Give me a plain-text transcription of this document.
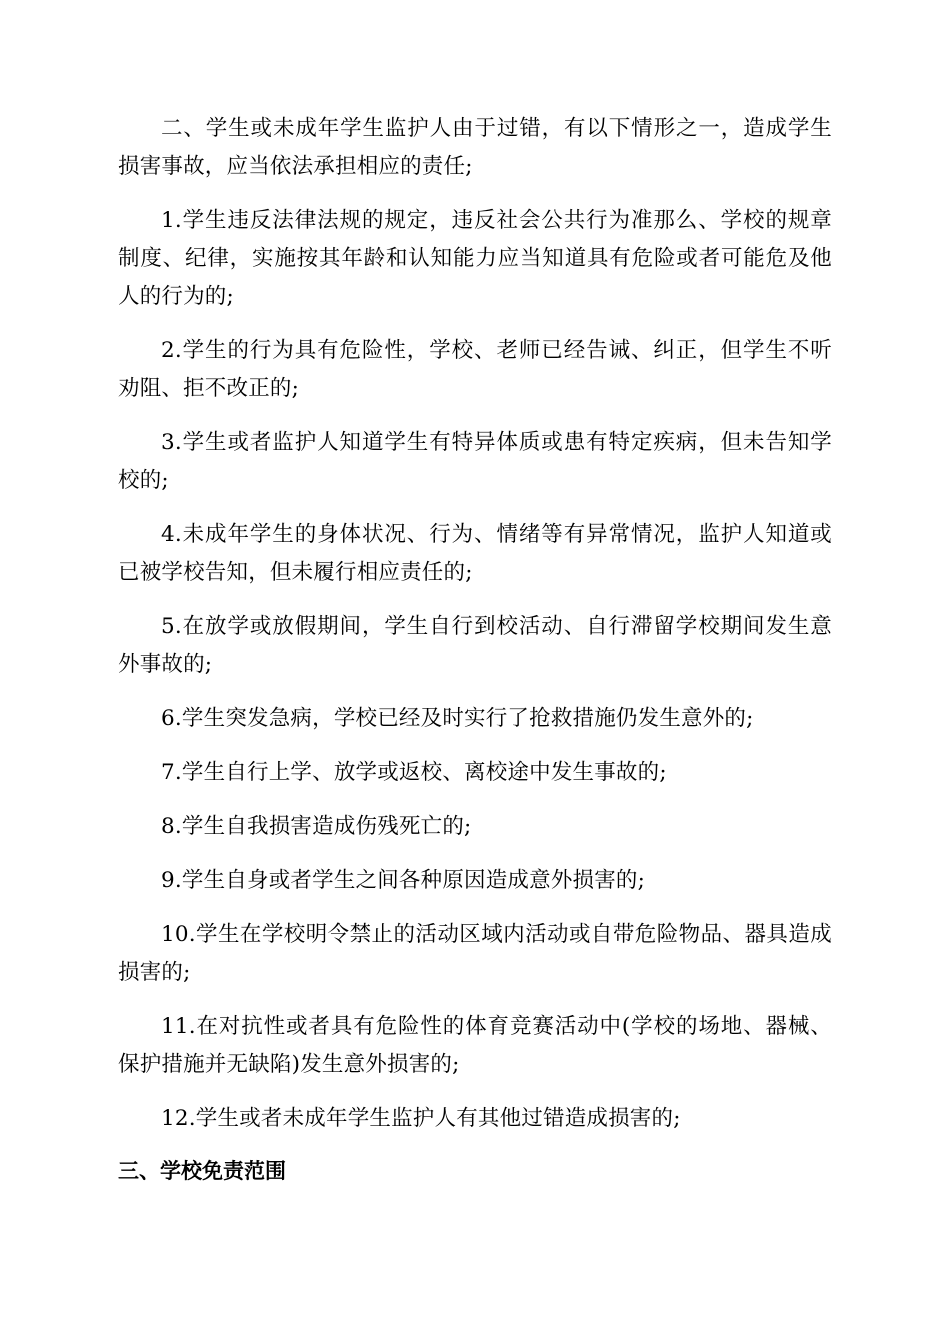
二、学生或未成年学生监护人由于过错，有以下情形之一，造成学生损害事故，应当依法承担相应的责任;

1.学生违反法律法规的规定，违反社会公共行为准那么、学校的规章制度、纪律，实施按其年龄和认知能力应当知道具有危险或者可能危及他人的行为的;

2.学生的行为具有危险性，学校、老师已经告诫、纠正，但学生不听劝阻、拒不改正的;

3.学生或者监护人知道学生有特异体质或患有特定疾病，但未告知学校的;

4.未成年学生的身体状况、行为、情绪等有异常情况，监护人知道或已被学校告知，但未履行相应责任的;

5.在放学或放假期间，学生自行到校活动、自行滞留学校期间发生意外事故的;

6.学生突发急病，学校已经及时实行了抢救措施仍发生意外的;

7.学生自行上学、放学或返校、离校途中发生事故的;

8.学生自我损害造成伤残死亡的;

9.学生自身或者学生之间各种原因造成意外损害的;

10.学生在学校明令禁止的活动区域内活动或自带危险物品、器具造成损害的;

11.在对抗性或者具有危险性的体育竞赛活动中(学校的场地、器械、保护措施并无缺陷)发生意外损害的;

12.学生或者未成年学生监护人有其他过错造成损害的;

三、学校免责范围
